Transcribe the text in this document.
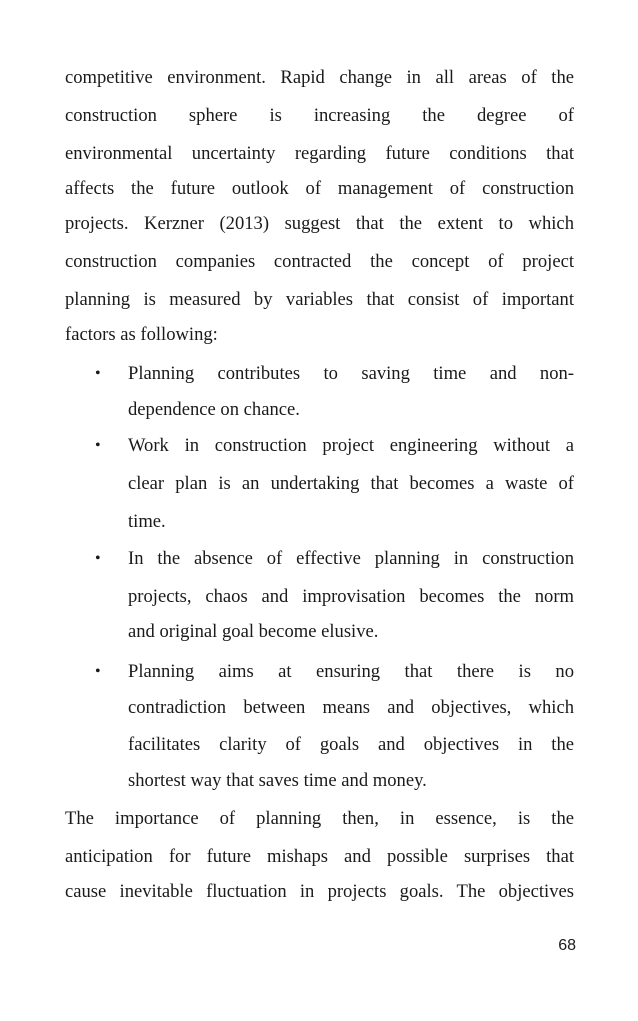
competitive environment. Rapid change in all areas of the
construction sphere is increasing the degree of
environmental uncertainty regarding future conditions that
affects the future outlook of management of construction
projects. Kerzner (2013) suggest that the extent to which
construction companies contracted the concept of project
planning is measured by variables that consist of important
factors as following:
• Planning contributes to saving time and non-
dependence on chance.
• Work in construction project engineering without a
clear plan is an undertaking that becomes a waste of
time.
• In the absence of effective planning in construction
projects, chaos and improvisation becomes the norm
and original goal become elusive.
• Planning aims at ensuring that there is no
contradiction between means and objectives, which
facilitates clarity of goals and objectives in the
shortest way that saves time and money.
The importance of planning then, in essence, is the
anticipation for future mishaps and possible surprises that
cause inevitable fluctuation in projects goals. The objectives
68
